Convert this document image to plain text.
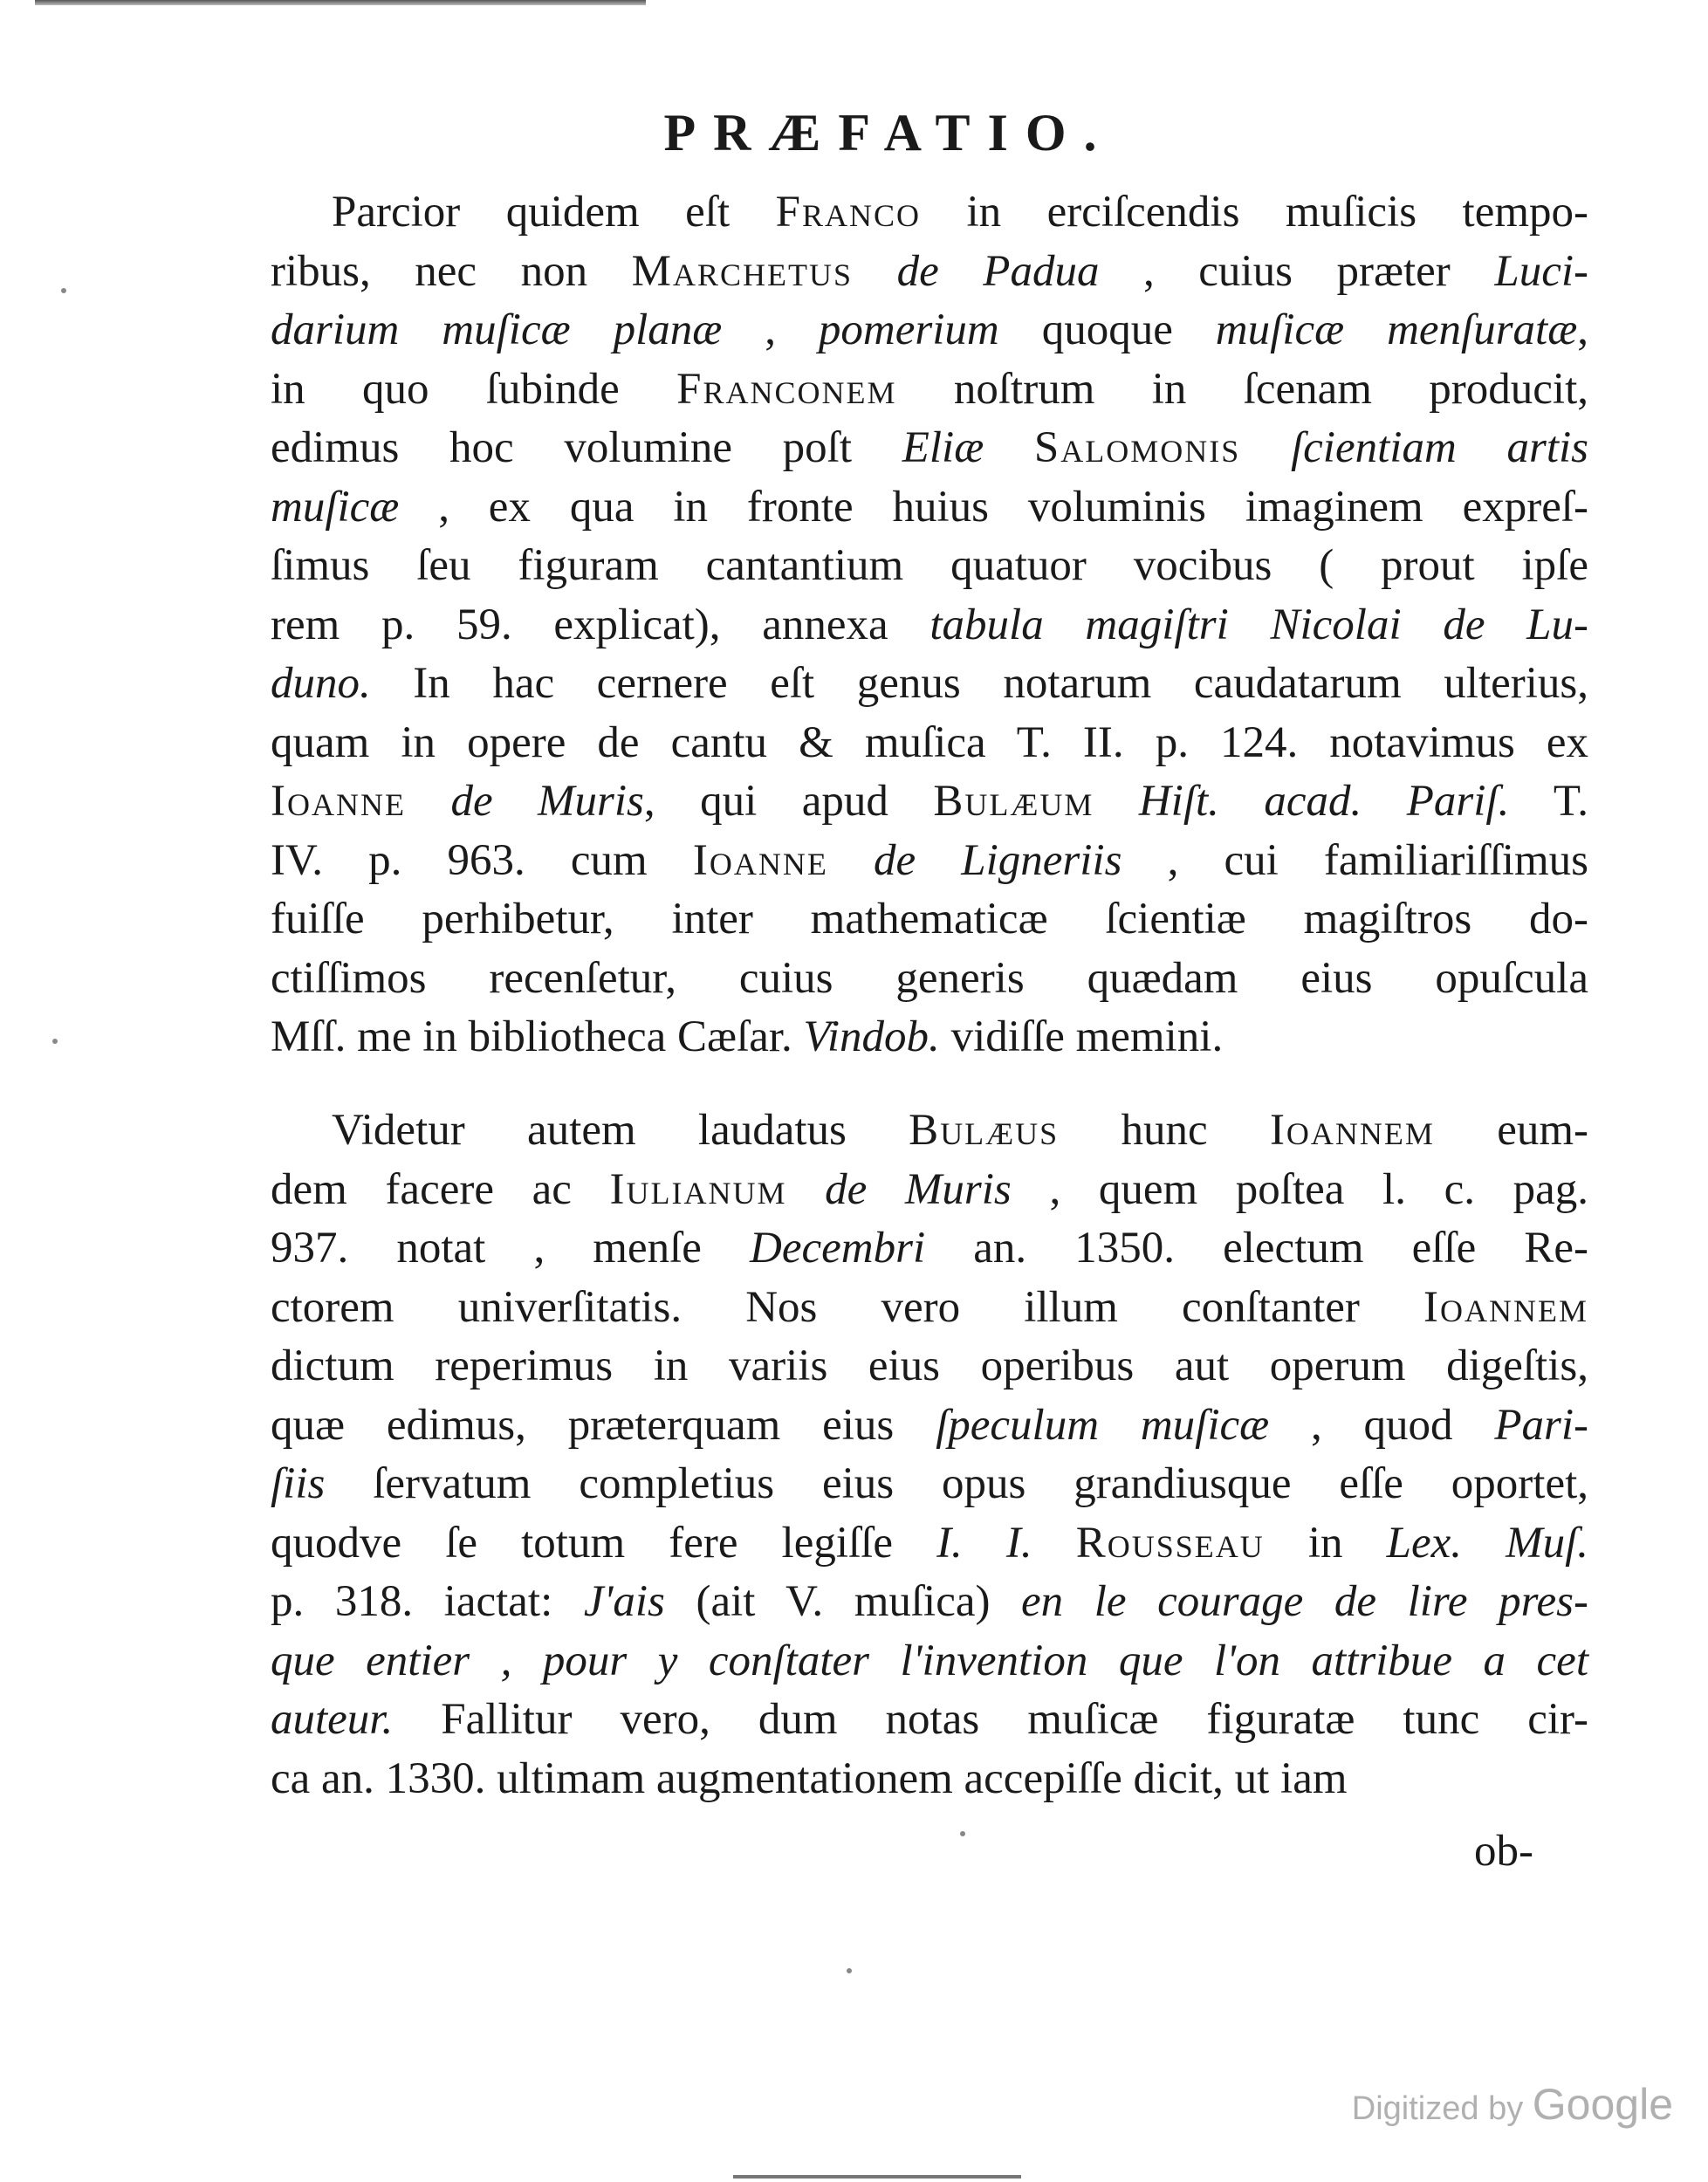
PRÆFATIO.
Parcior quidem eſt Franco in erciſcendis muſicis tempo-
ribus, nec non Marchetus de Padua , cuius præter Luci-
darium muſicæ planæ , pomerium quoque muſicæ menſuratæ,
in quo ſubinde Franconem noſtrum in ſcenam producit,
edimus hoc volumine poſt Eliæ Salomonis ſcientiam artis
muſicæ , ex qua in fronte huius voluminis imaginem expreſ-
ſimus ſeu figuram cantantium quatuor vocibus ( prout ipſe
rem p. 59. explicat), annexa tabula magiſtri Nicolai de Lu-
duno. In hac cernere eſt genus notarum caudatarum ulterius,
quam in opere de cantu & muſica T. II. p. 124. notavimus ex
Ioanne de Muris, qui apud Bulæum Hiſt. acad. Pariſ. T.
IV. p. 963. cum Ioanne de Ligneriis , cui familiariſſimus
fuiſſe perhibetur, inter mathematicæ ſcientiæ magiſtros do-
ctiſſimos recenſetur, cuius generis quædam eius opuſcula
Mſſ. me in bibliotheca Cæſar. Vindob. vidiſſe memini.
Videtur autem laudatus Bulæus hunc Ioannem eum-
dem facere ac Iulianum de Muris , quem poſtea l. c. pag.
937. notat , menſe Decembri an. 1350. electum eſſe Re-
ctorem univerſitatis. Nos vero illum conſtanter Ioannem
dictum reperimus in variis eius operibus aut operum digeſtis,
quæ edimus, præterquam eius ſpeculum muſicæ , quod Pari-
ſiis ſervatum completius eius opus grandiusque eſſe oportet,
quodve ſe totum fere legiſſe I. I. Rousseau in Lex. Muſ.
p. 318. iactat: J'ais (ait V. muſica) en le courage de lire pres-
que entier , pour y conſtater l'invention que l'on attribue a cet
auteur. Fallitur vero, dum notas muſicæ figuratæ tunc cir-
ca an. 1330. ultimam augmentationem accepiſſe dicit, ut iam
ob-
Digitized by Google
